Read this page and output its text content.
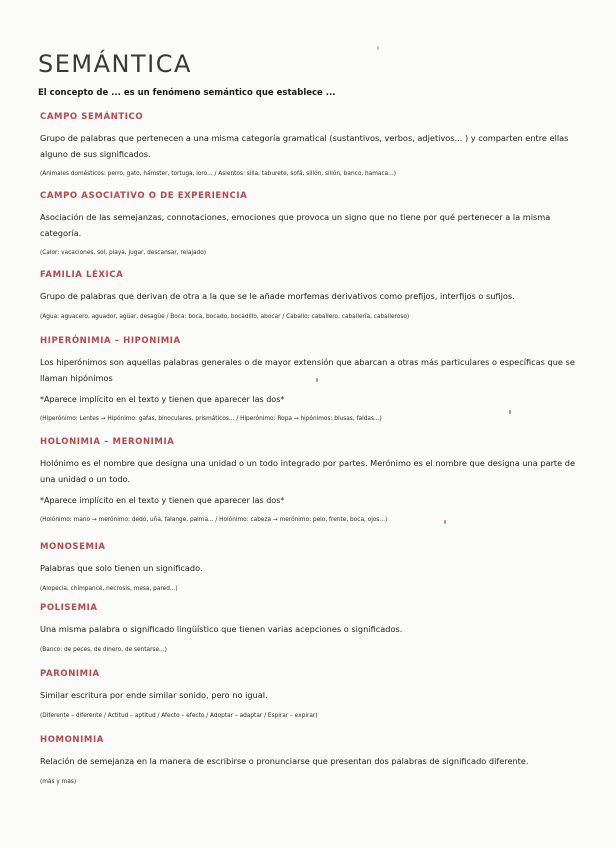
SEMÁNTICA
El concepto de ... es un fenómeno semántico que establece ...
CAMPO SEMÁNTICO

Grupo de palabras que pertenecen a una misma categoría gramatical (sustantivos, verbos, adjetivos... ) y comparten entre ellas alguno de sus significados.

(Animales domésticos: perro, gato, hámster, tortuga, loro... / Asientos: silla, taburete, sofá, sillón, sillón, banco, hamaca...)

CAMPO ASOCIATIVO O DE EXPERIENCIA

Asociación de las semejanzas, connotaciones, emociones que provoca un signo que no tiene por qué pertenecer a la misma categoría.

(Calor: vacaciones, sol, playa, jugar, descansar, relajado)

FAMILIA LÉXICA

Grupo de palabras que derivan de otra a la que se le añade morfemas derivativos como prefijos, interfijos o sufijos.

(Agua: aguacero, aguador, agüar, desagüe / Boca: boca, bocado, bocadillo, abocar / Caballo: caballero, caballería, caballeroso)

HIPERÓNIMIA – HIPONIMIA

Los hiperónimos son aquellas palabras generales o de mayor extensión que abarcan a otras más particulares o específicas que se llaman hipónimos

*Aparece implícito en el texto y tienen que aparecer las dos*

(Hiperónimo: Lentes → Hipónimo: gafas, binoculares, prismáticos... / Hiperónimo: Ropa → hipónimos: blusas, faldas...)

HOLONIMIA – MERONIMIA

Holónimo es el nombre que designa una unidad o un todo integrado por partes. Merónimo es el nombre que designa una parte de una unidad o un todo.

*Aparece implícito en el texto y tienen que aparecer las dos*

(Holónimo: mano → merónimo: dedo, uña, falange, palma... / Holónimo: cabeza → merónimo: pelo, frente, boca, ojos...)

MONOSEMIA

Palabras que solo tienen un significado.

(Alopecia, chimpancé, necrosis, mesa, pared...)

POLISEMIA

Una misma palabra o significado lingüístico que tienen varias acepciones o significados.

(Banco: de peces, de dinero, de sentarse...)

PARONIMIA

Similar escritura por ende similar sonido, pero no igual.

(Diferente – diferente / Actitud – aptitud / Afecto – efecto / Adoptar – adaptar / Espirar – expirar)

HOMONIMIA

Relación de semejanza en la manera de escribirse o pronunciarse que presentan dos palabras de significado diferente.

(más y mas)
